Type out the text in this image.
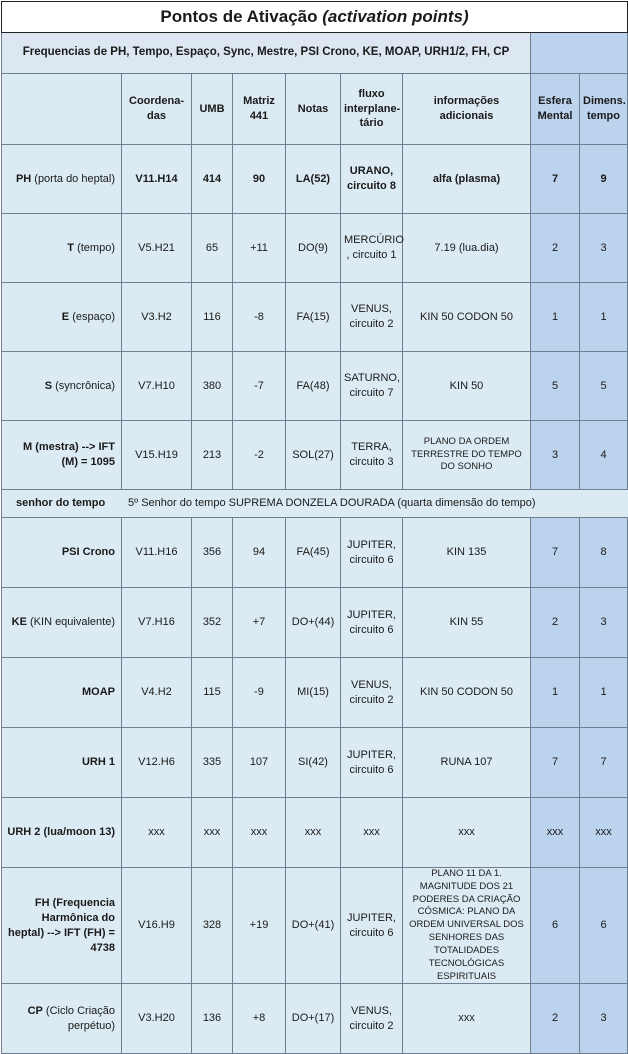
Pontos de Ativação (activation points)								
Frequencias de PH, Tempo, Espaço, Sync, Mestre, PSI Crono, KE, MOAP, URH1/2, FH, CP								
	Coordena-das	UMB	Matriz 441	Notas	fluxo interplane-tário	informações adicionais	Esfera Mental	Dimens. tempo
PH (porta do heptal)	V11.H14	414	90	LA(52)	URANO, circuito 8	alfa (plasma)	7	9
T (tempo)	V5.H21	65	+11	DO(9)	MERCÚRIO , circuito 1	7.19 (lua.dia)	2	3
E (espaço)	V3.H2	116	-8	FA(15)	VENUS, circuito 2	KIN 50 CODON 50	1	1
S (syncrônica)	V7.H10	380	-7	FA(48)	SATURNO, circuito 7	KIN 50	5	5
M (mestra) --> IFT (M) = 1095	V15.H19	213	-2	SOL(27)	TERRA, circuito 3	PLANO DA ORDEM TERRESTRE DO TEMPO DO SONHO	3	4
senhor do tempo	5º Senhor do tempo SUPREMA DONZELA DOURADA (quarta dimensão do tempo)							
PSI Crono	V11.H16	356	94	FA(45)	JUPITER, circuito 6	KIN 135	7	8
KE (KIN equivalente)	V7.H16	352	+7	DO+(44)	JUPITER, circuito 6	KIN 55	2	3
MOAP	V4.H2	115	-9	MI(15)	VENUS, circuito 2	KIN 50 CODON 50	1	1
URH 1	V12.H6	335	107	SI(42)	JUPITER, circuito 6	RUNA 107	7	7
URH 2 (lua/moon 13)	xxx	xxx	xxx	xxx	xxx	xxx	xxx	xxx
FH (Frequencia Harmônica do heptal) --> IFT (FH) = 4738	V16.H9	328	+19	DO+(41)	JUPITER, circuito 6	PLANO 11 DA 1. MAGNITUDE DOS 21 PODERES DA CRIAÇÃO CÓSMICA: PLANO DA ORDEM UNIVERSAL DOS SENHORES DAS TOTALIDADES TECNOLÓGICAS ESPIRITUAIS	6	6
CP (Ciclo Criação perpétuo)	V3.H20	136	+8	DO+(17)	VENUS, circuito 2	xxx	2	3
